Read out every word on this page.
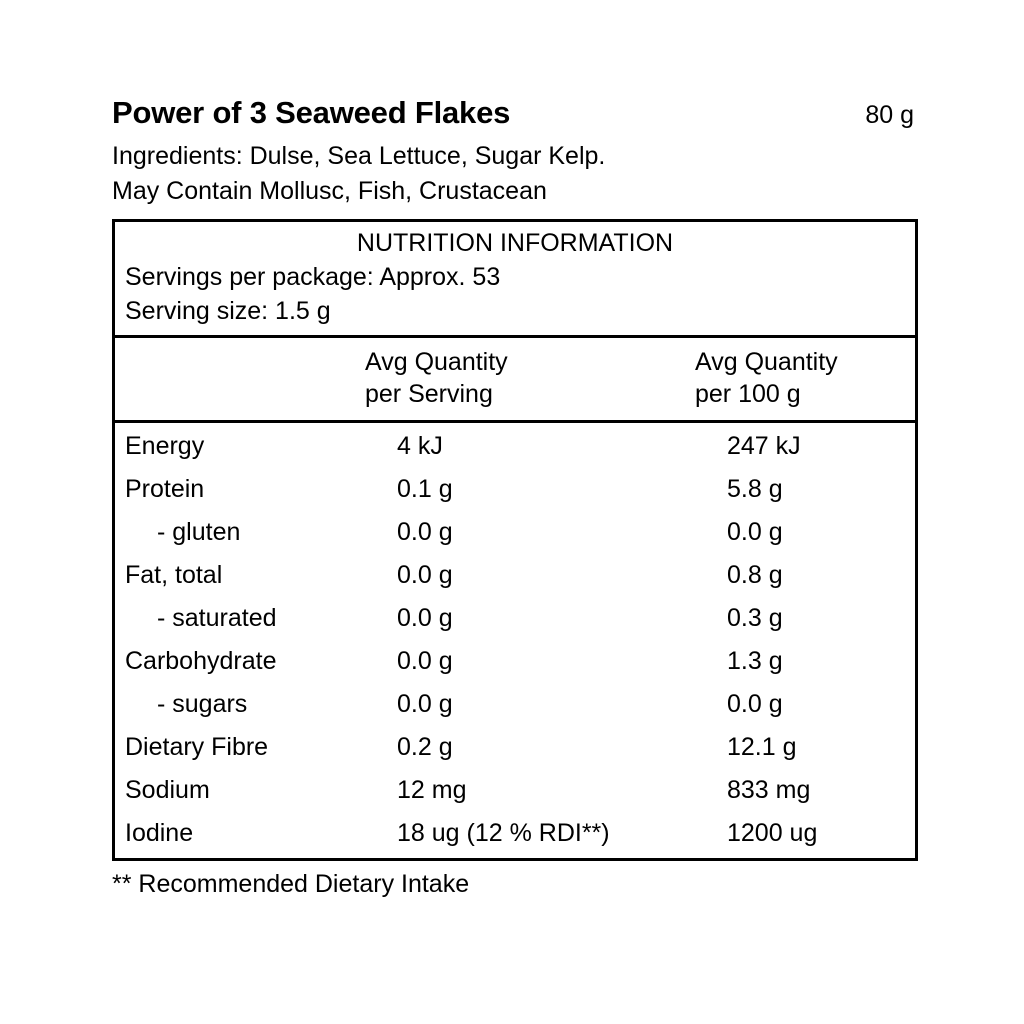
Power of 3 Seaweed Flakes	80 g
Ingredients: Dulse, Sea Lettuce, Sugar Kelp.
May Contain Mollusc, Fish, Crustacean
NUTRITION INFORMATION
Servings per package: Approx. 53
Serving size: 1.5 g
	Avg Quantity
per Serving
	Avg Quantity
per 100 g
Energy	4 kJ	247 kJ
Protein	0.1 g	5.8 g
- gluten	0.0 g	0.0 g
Fat, total	0.0 g	0.8 g
- saturated	0.0 g	0.3 g
Carbohydrate	0.0 g	1.3 g
- sugars	0.0 g	0.0 g
Dietary Fibre	0.2 g	12.1 g
Sodium	12 mg	833 mg
Iodine	18 ug (12 % RDI**)	1200 ug
** Recommended Dietary Intake
